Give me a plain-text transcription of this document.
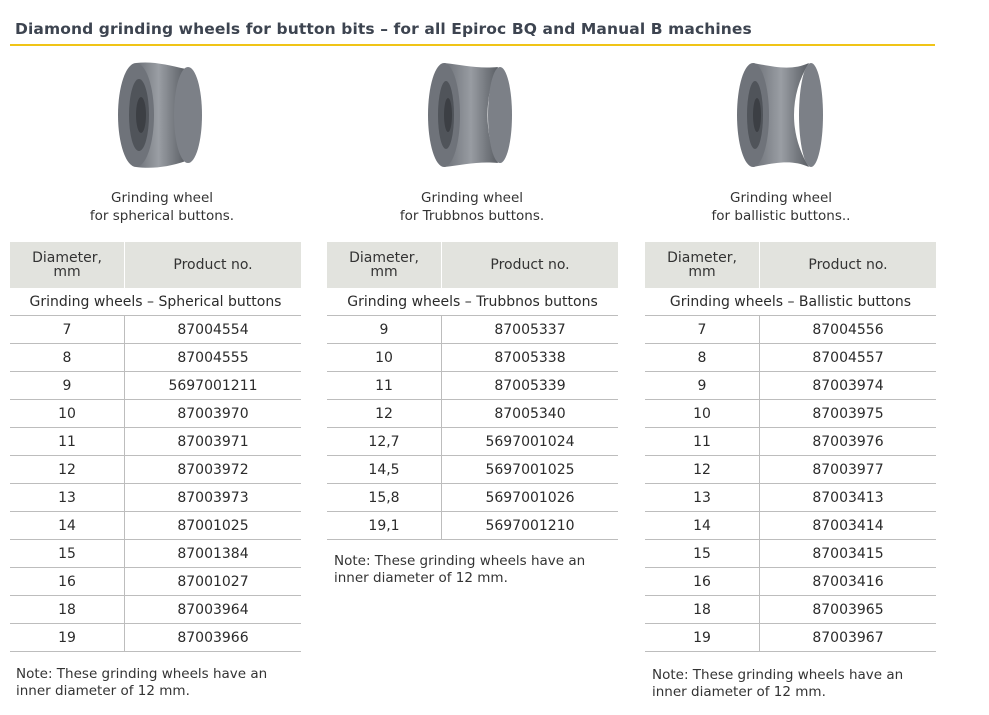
Diamond grinding wheels for button bits – for all Epiroc BQ and Manual B machines
Grinding wheel
for spherical buttons.
Grinding wheel
for Trubbnos buttons.
Grinding wheel
for ballistic buttons..
Diameter,
mm	Product no.
Grinding wheels – Spherical buttons	
7	87004554
8	87004555
9	5697001211
10	87003970
11	87003971
12	87003972
13	87003973
14	87001025
15	87001384
16	87001027
18	87003964
19	87003966
Diameter,
mm	Product no.
Grinding wheels – Trubbnos buttons	
9	87005337
10	87005338
11	87005339
12	87005340
12,7	5697001024
14,5	5697001025
15,8	5697001026
19,1	5697001210
Diameter,
mm	Product no.
Grinding wheels – Ballistic buttons	
7	87004556
8	87004557
9	87003974
10	87003975
11	87003976
12	87003977
13	87003413
14	87003414
15	87003415
16	87003416
18	87003965
19	87003967
Note: These grinding wheels have an
inner diameter of 12 mm.
Note: These grinding wheels have an
inner diameter of 12 mm.
Note: These grinding wheels have an
inner diameter of 12 mm.
